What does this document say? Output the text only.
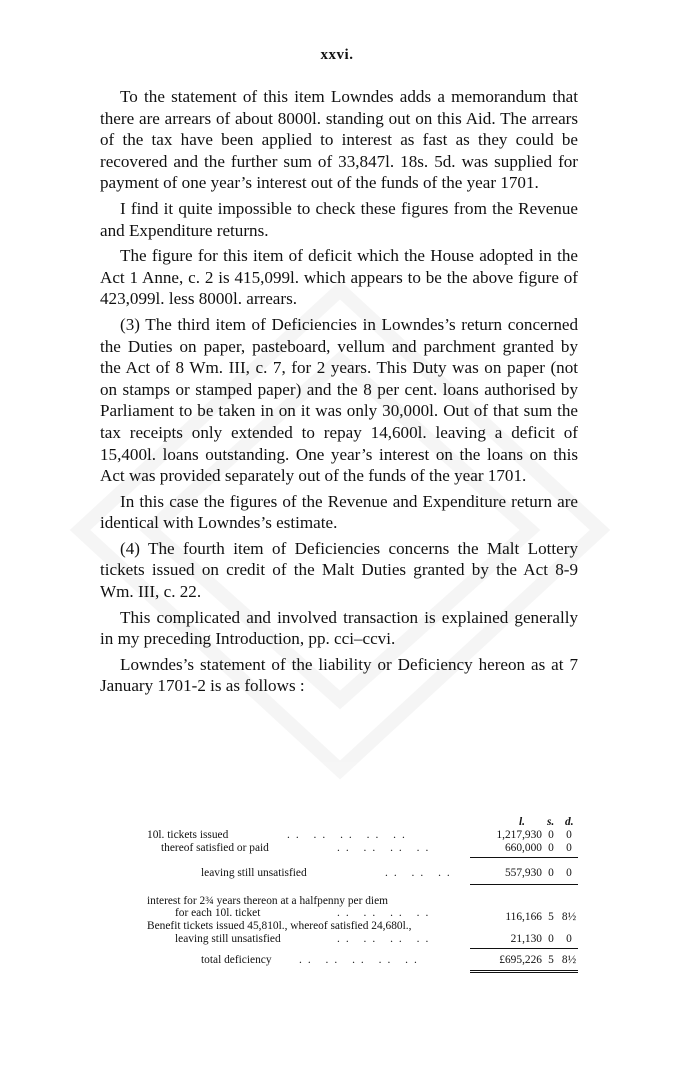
xxvi.

To the statement of this item Lowndes adds a memorandum that there are arrears of about 8000l. standing out on this Aid. The arrears of the tax have been applied to interest as fast as they could be recovered and the further sum of 33,847l. 18s. 5d. was supplied for payment of one year’s interest out of the funds of the year 1701.

I find it quite impossible to check these figures from the Revenue and Expenditure returns.

The figure for this item of deficit which the House adopted in the Act 1 Anne, c. 2 is 415,099l. which appears to be the above figure of 423,099l. less 8000l. arrears.

(3) The third item of Deficiencies in Lowndes’s return concerned the Duties on paper, pasteboard, vellum and parchment granted by the Act of 8 Wm. III, c. 7, for 2 years. This Duty was on paper (not on stamps or stamped paper) and the 8 per cent. loans authorised by Parliament to be taken in on it was only 30,000l. Out of that sum the tax receipts only extended to repay 14,600l. leaving a deficit of 15,400l. loans outstanding. One year’s interest on the loans on this Act was provided separately out of the funds of the year 1701.

In this case the figures of the Revenue and Expenditure return are identical with Lowndes’s estimate.

(4) The fourth item of Deficiencies concerns the Malt Lottery tickets issued on credit of the Malt Duties granted by the Act 8-9 Wm. III, c. 22.

This complicated and involved transaction is explained generally in my preceding Introduction, pp. cci–ccvi.

Lowndes’s statement of the liability or Deficiency hereon as at 7 January 1701-2 is as follows :

l. s. d.
10l. tickets issued	.. .. .. .. ..	1,217,930 0	0
thereof satisfied or paid	.. .. .. ..	660,000 0	0
leaving still unsatisfied	.. .. ..	557,930 0	0
interest for 2¾ years thereon at a halfpenny per diem
for each 10l. ticket	.. .. .. ..	116,166 5 8½
Benefit tickets issued 45,810l., whereof satisfied 24,680l.,
leaving still unsatisfied	.. .. .. ..	21,130 0	0
total deficiency .. .. .. .. ..	£695,226 5 8½
